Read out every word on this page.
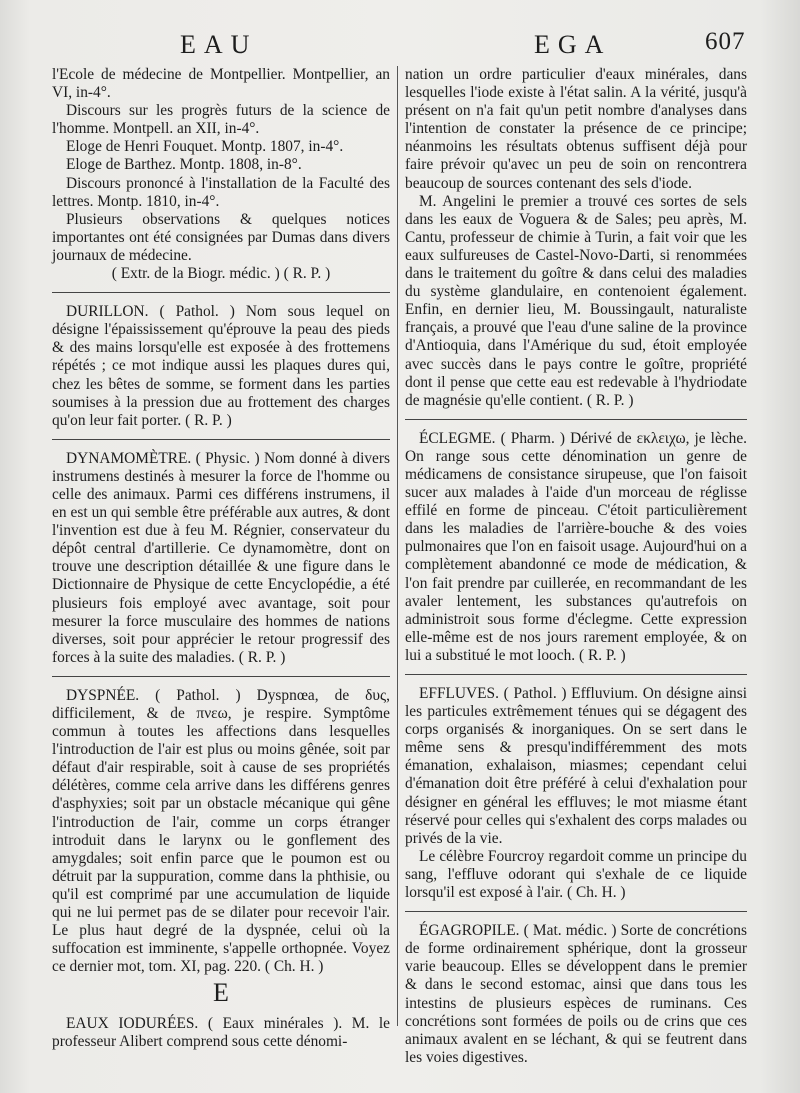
EAU	EGA	607

l'Ecole de médecine de Montpellier. Montpellier, an VI, in-4°.

Discours sur les progrès futurs de la science de l'homme. Montpell. an XII, in-4°.

Eloge de Henri Fouquet. Montp. 1807, in-4°.

Eloge de Barthez. Montp. 1808, in-8°.

Discours prononcé à l'installation de la Faculté des lettres. Montp. 1810, in-4°.

Plusieurs observations & quelques notices importantes ont été consignées par Dumas dans divers journaux de médecine.

( Extr. de la Biogr. médic. ) ( R. P. )

DURILLON. ( Pathol. ) Nom sous lequel on désigne l'épaississement qu'éprouve la peau des pieds & des mains lorsqu'elle est exposée à des frottemens répétés ; ce mot indique aussi les plaques dures qui, chez les bêtes de somme, se forment dans les parties soumises à la pression due au frottement des charges qu'on leur fait porter. ( R. P. )

DYNAMOMÈTRE. ( Physic. ) Nom donné à divers instrumens destinés à mesurer la force de l'homme ou celle des animaux. Parmi ces différens instrumens, il en est un qui semble être préférable aux autres, & dont l'invention est due à feu M. Régnier, conservateur du dépôt central d'artillerie. Ce dynamomètre, dont on trouve une description détaillée & une figure dans le Dictionnaire de Physique de cette Encyclopédie, a été plusieurs fois employé avec avantage, soit pour mesurer la force musculaire des hommes de nations diverses, soit pour apprécier le retour progressif des forces à la suite des maladies. ( R. P. )

DYSPNÉE. ( Pathol. ) Dyspnœa, de δυς, difficilement, & de πνεω, je respire. Symptôme commun à toutes les affections dans lesquelles l'introduction de l'air est plus ou moins gênée, soit par défaut d'air respirable, soit à cause de ses propriétés délétères, comme cela arrive dans les différens genres d'asphyxies; soit par un obstacle mécanique qui gêne l'introduction de l'air, comme un corps étranger introduit dans le larynx ou le gonflement des amygdales; soit enfin parce que le poumon est ou détruit par la suppuration, comme dans la phthisie, ou qu'il est comprimé par une accumulation de liquide qui ne lui permet pas de se dilater pour recevoir l'air. Le plus haut degré de la dyspnée, celui où la suffocation est imminente, s'appelle orthopnée. Voyez ce dernier mot, tom. XI, pag. 220. ( Ch. H. )

E

EAUX IODURÉES. ( Eaux minérales ). M. le professeur Alibert comprend sous cette dénomi-

nation un ordre particulier d'eaux minérales, dans lesquelles l'iode existe à l'état salin. A la vérité, jusqu'à présent on n'a fait qu'un petit nombre d'analyses dans l'intention de constater la présence de ce principe; néanmoins les résultats obtenus suffisent déjà pour faire prévoir qu'avec un peu de soin on rencontrera beaucoup de sources contenant des sels d'iode.

M. Angelini le premier a trouvé ces sortes de sels dans les eaux de Voguera & de Sales; peu après, M. Cantu, professeur de chimie à Turin, a fait voir que les eaux sulfureuses de Castel-Novo-Darti, si renommées dans le traitement du goître & dans celui des maladies du système glandulaire, en contenoient également. Enfin, en dernier lieu, M. Boussingault, naturaliste français, a prouvé que l'eau d'une saline de la province d'Antioquia, dans l'Amérique du sud, étoit employée avec succès dans le pays contre le goître, propriété dont il pense que cette eau est redevable à l'hydriodate de magnésie qu'elle contient. ( R. P. )

ÉCLEGME. ( Pharm. ) Dérivé de εκλειχω, je lèche. On range sous cette dénomination un genre de médicamens de consistance sirupeuse, que l'on faisoit sucer aux malades à l'aide d'un morceau de réglisse effilé en forme de pinceau. C'étoit particulièrement dans les maladies de l'arrière-bouche & des voies pulmonaires que l'on en faisoit usage. Aujourd'hui on a complètement abandonné ce mode de médication, & l'on fait prendre par cuillerée, en recommandant de les avaler lentement, les substances qu'autrefois on administroit sous forme d'éclegme. Cette expression elle-même est de nos jours rarement employée, & on lui a substitué le mot looch. ( R. P. )

EFFLUVES. ( Pathol. ) Effluvium. On désigne ainsi les particules extrêmement ténues qui se dégagent des corps organisés & inorganiques. On se sert dans le même sens & presqu'indifféremment des mots émanation, exhalaison, miasmes; cependant celui d'émanation doit être préféré à celui d'exhalation pour désigner en général les effluves; le mot miasme étant réservé pour celles qui s'exhalent des corps malades ou privés de la vie.

Le célèbre Fourcroy regardoit comme un principe du sang, l'effluve odorant qui s'exhale de ce liquide lorsqu'il est exposé à l'air. ( Ch. H. )

ÉGAGROPILE. ( Mat. médic. ) Sorte de concrétions de forme ordinairement sphérique, dont la grosseur varie beaucoup. Elles se développent dans le premier & dans le second estomac, ainsi que dans tous les intestins de plusieurs espèces de ruminans. Ces concrétions sont formées de poils ou de crins que ces animaux avalent en se léchant, & qui se feutrent dans les voies digestives.
